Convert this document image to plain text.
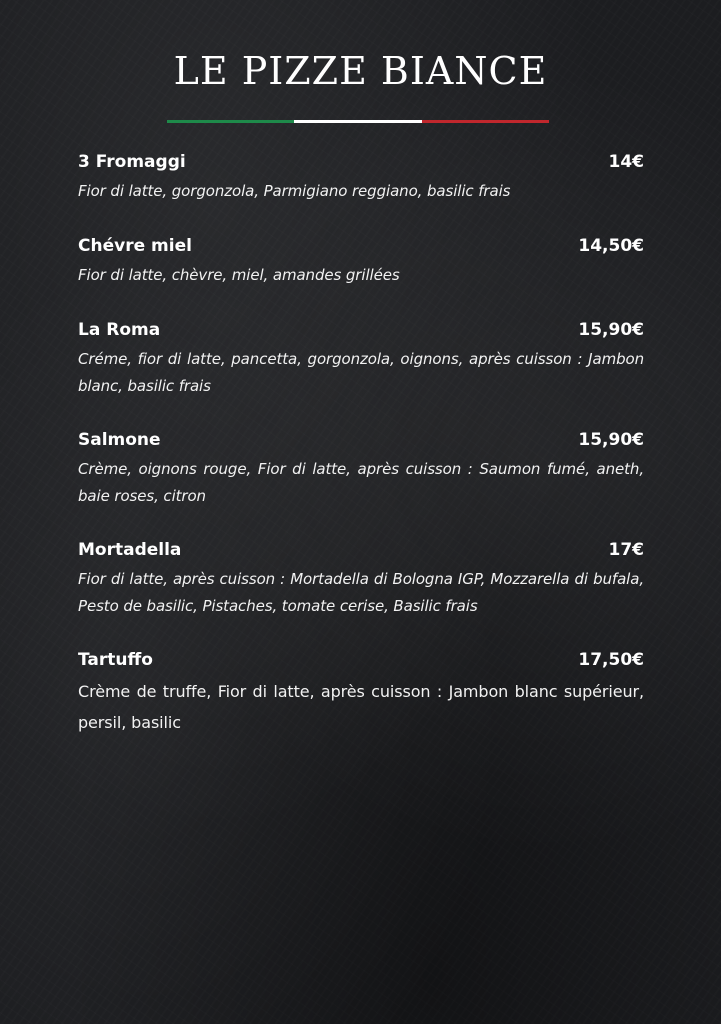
LE PIZZE BIANCE
3 Fromaggi	14€
Fior di latte, gorgonzola, Parmigiano reggiano, basilic frais
Chévre miel	14,50€
Fior di latte, chèvre, miel, amandes grillées
La Roma	15,90€
Créme, fior di latte, pancetta, gorgonzola, oignons, après cuisson : Jambon blanc, basilic frais
Salmone	15,90€
Crème, oignons rouge, Fior di latte, après cuisson : Saumon fumé, aneth, baie roses, citron
Mortadella	17€
Fior di latte, après cuisson : Mortadella di Bologna IGP, Mozzarella di bufala, Pesto de basilic, Pistaches, tomate cerise, Basilic frais
Tartuffo	17,50€
Crème de truffe, Fior di latte, après cuisson : Jambon blanc supérieur, persil, basilic
